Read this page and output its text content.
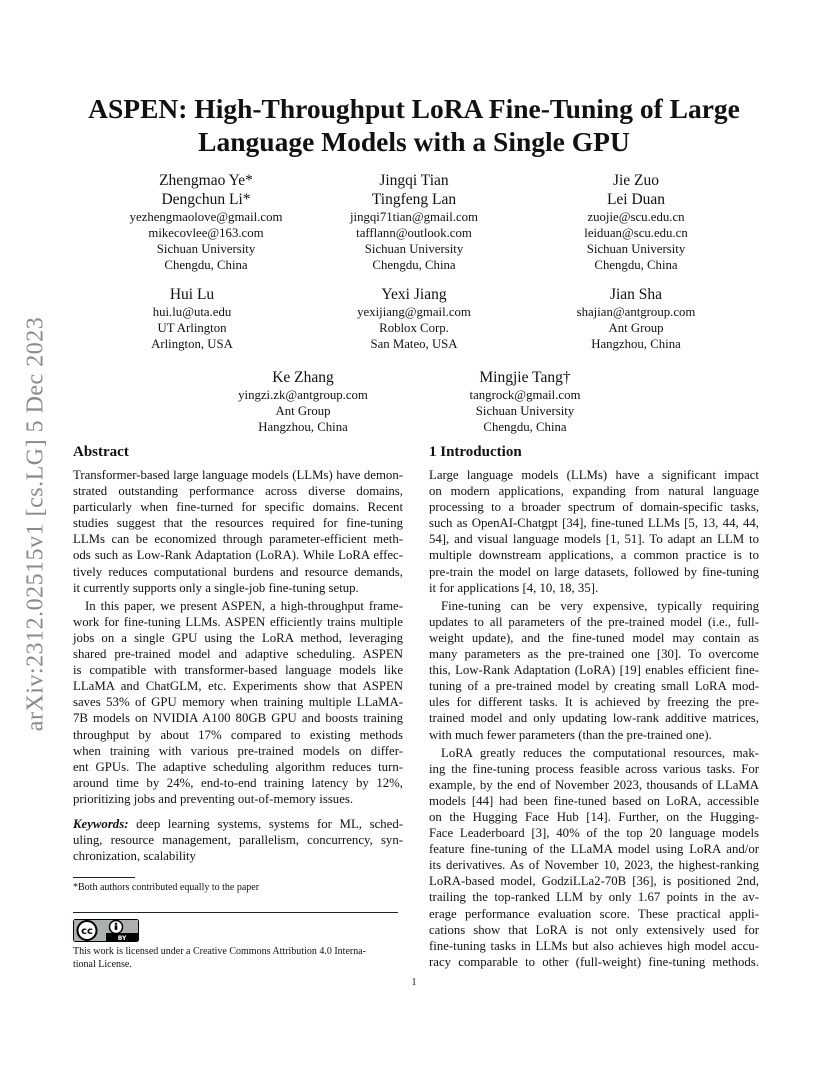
arXiv:2312.02515v1 [cs.LG] 5 Dec 2023
ASPEN: High-Throughput LoRA Fine-Tuning of Large
Language Models with a Single GPU
Zhengmao Ye*
Dengchun Li*
yezhengmaolove@gmail.com
mikecovlee@163.com
Sichuan University
Chengdu, China
Jingqi Tian
Tingfeng Lan
jingqi71tian@gmail.com
tafflann@outlook.com
Sichuan University
Chengdu, China
Jie Zuo
Lei Duan
zuojie@scu.edu.cn
leiduan@scu.edu.cn
Sichuan University
Chengdu, China
Hui Lu
hui.lu@uta.edu
UT Arlington
Arlington, USA
Yexi Jiang
yexijiang@gmail.com
Roblox Corp.
San Mateo, USA
Jian Sha
shajian@antgroup.com
Ant Group
Hangzhou, China
Ke Zhang
yingzi.zk@antgroup.com
Ant Group
Hangzhou, China
Mingjie Tang†
tangrock@gmail.com
Sichuan University
Chengdu, China
Abstract
Transformer-based large language models (LLMs) have demon-
strated outstanding performance across diverse domains,
particularly when fine-turned for specific domains. Recent
studies suggest that the resources required for fine-tuning
LLMs can be economized through parameter-efficient meth-
ods such as Low-Rank Adaptation (LoRA). While LoRA effec-
tively reduces computational burdens and resource demands,
it currently supports only a single-job fine-tuning setup.
In this paper, we present ASPEN, a high-throughput frame-
work for fine-tuning LLMs. ASPEN efficiently trains multiple
jobs on a single GPU using the LoRA method, leveraging
shared pre-trained model and adaptive scheduling. ASPEN
is compatible with transformer-based language models like
LLaMA and ChatGLM, etc. Experiments show that ASPEN
saves 53% of GPU memory when training multiple LLaMA-
7B models on NVIDIA A100 80GB GPU and boosts training
throughput by about 17% compared to existing methods
when training with various pre-trained models on differ-
ent GPUs. The adaptive scheduling algorithm reduces turn-
around time by 24%, end-to-end training latency by 12%,
prioritizing jobs and preventing out-of-memory issues.
Keywords: deep learning systems, systems for ML, sched-
uling, resource management, parallelism, concurrency, syn-
chronization, scalability
*Both authors contributed equally to the paper
cc
BY
This work is licensed under a Creative Commons Attribution 4.0 Interna-
tional License.
1 Introduction
Large language models (LLMs) have a significant impact
on modern applications, expanding from natural language
processing to a broader spectrum of domain-specific tasks,
such as OpenAI-Chatgpt [34], fine-tuned LLMs [5, 13, 44, 44,
54], and visual language models [1, 51]. To adapt an LLM to
multiple downstream applications, a common practice is to
pre-train the model on large datasets, followed by fine-tuning
it for applications [4, 10, 18, 35].
Fine-tuning can be very expensive, typically requiring
updates to all parameters of the pre-trained model (i.e., full-
weight update), and the fine-tuned model may contain as
many parameters as the pre-trained one [30]. To overcome
this, Low-Rank Adaptation (LoRA) [19] enables efficient fine-
tuning of a pre-trained model by creating small LoRA mod-
ules for different tasks. It is achieved by freezing the pre-
trained model and only updating low-rank additive matrices,
with much fewer parameters (than the pre-trained one).
LoRA greatly reduces the computational resources, mak-
ing the fine-tuning process feasible across various tasks. For
example, by the end of November 2023, thousands of LLaMA
models [44] had been fine-tuned based on LoRA, accessible
on the Hugging Face Hub [14]. Further, on the Hugging-
Face Leaderboard [3], 40% of the top 20 language models
feature fine-tuning of the LLaMA model using LoRA and/or
its derivatives. As of November 10, 2023, the highest-ranking
LoRA-based model, GodziLLa2-70B [36], is positioned 2nd,
trailing the top-ranked LLM by only 1.67 points in the av-
erage performance evaluation score. These practical appli-
cations show that LoRA is not only extensively used for
fine-tuning tasks in LLMs but also achieves high model accu-
racy comparable to other (full-weight) fine-tuning methods.
1
